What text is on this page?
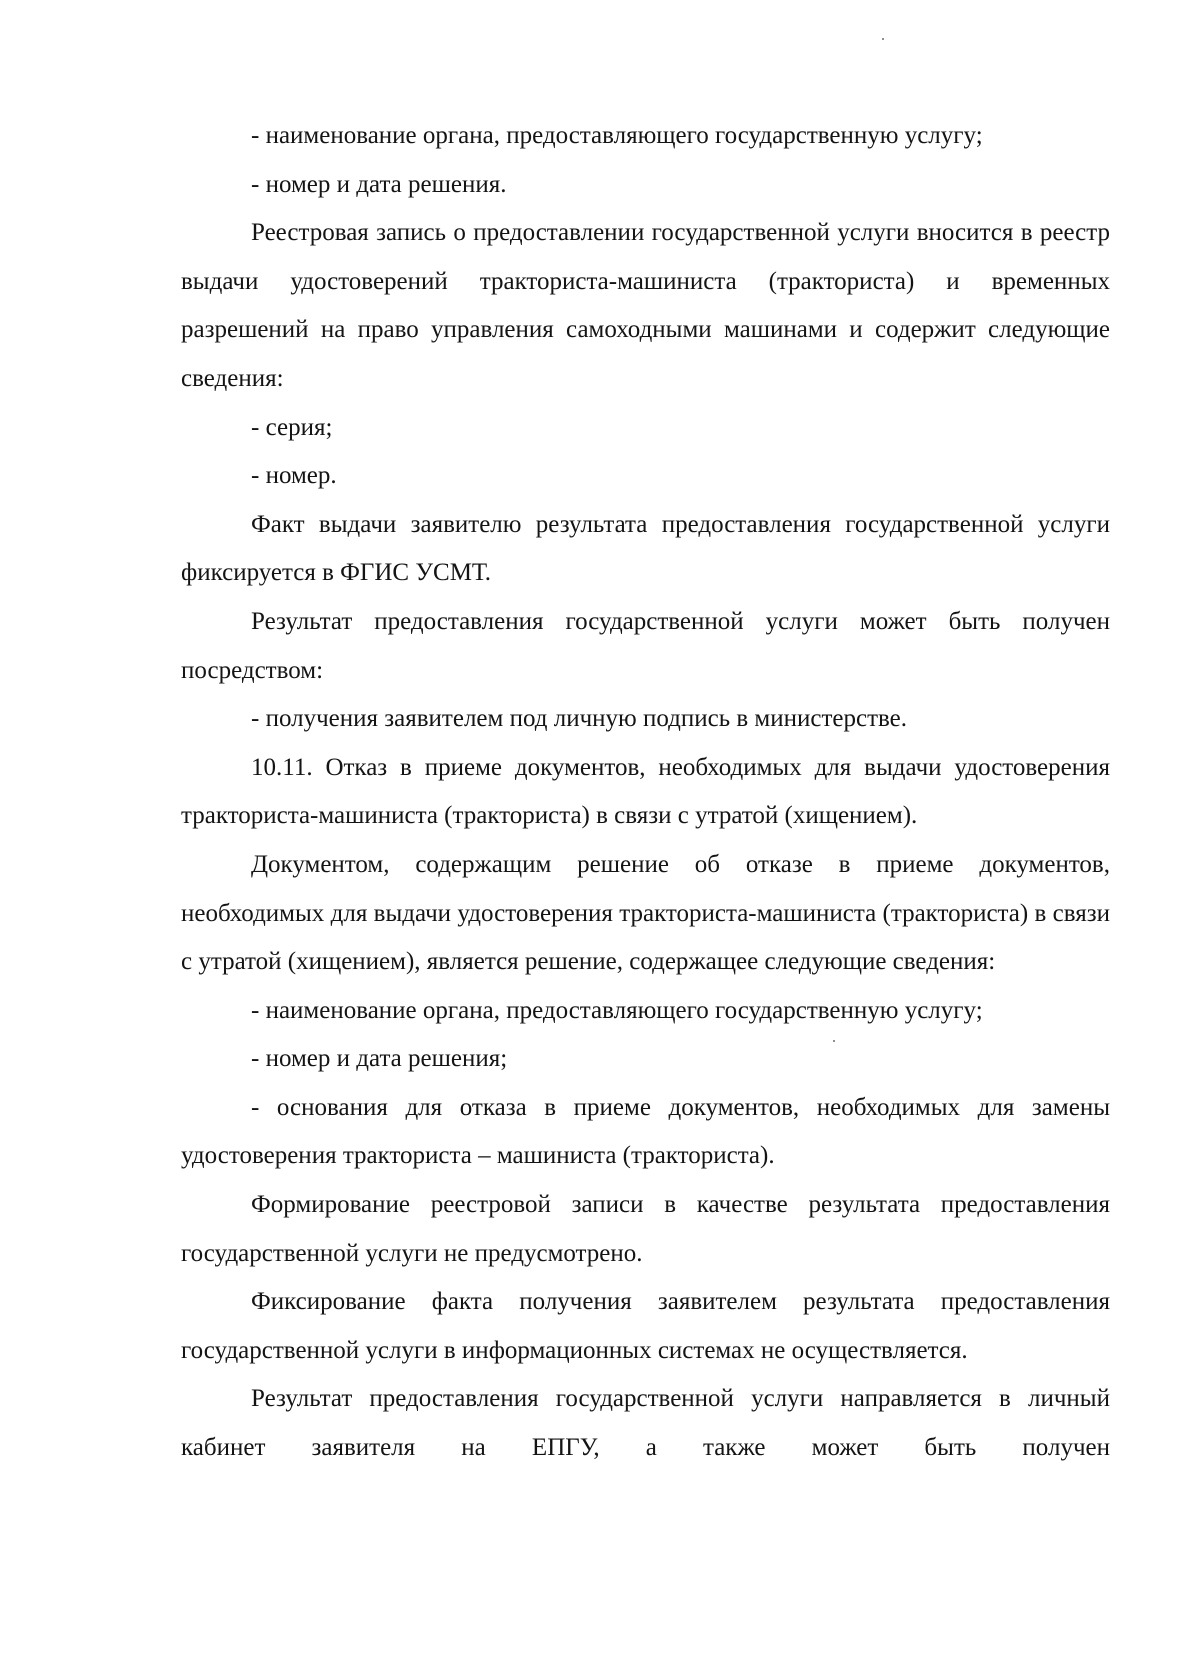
- наименование органа, предоставляющего государственную услугу;

- номер и дата решения.

Реестровая запись о предоставлении государственной услуги вносится в реестр выдачи удостоверений тракториста-машиниста (тракториста) и временных разрешений на право управления самоходными машинами и содержит следующие сведения:

- серия;

- номер.

Факт выдачи заявителю результата предоставления государственной услуги фиксируется в ФГИС УСМТ.

Результат предоставления государственной услуги может быть получен посредством:

- получения заявителем под личную подпись в министерстве.

10.11. Отказ в приеме документов, необходимых для выдачи удостоверения тракториста-машиниста (тракториста) в связи с утратой (хищением).

Документом, содержащим решение об отказе в приеме документов, необходимых для выдачи удостоверения тракториста-машиниста (тракториста) в связи с утратой (хищением), является решение, содержащее следующие сведения:

- наименование органа, предоставляющего государственную услугу;

- номер и дата решения;

- основания для отказа в приеме документов, необходимых для замены удостоверения тракториста – машиниста (тракториста).

Формирование реестровой записи в качестве результата предоставления государственной услуги не предусмотрено.

Фиксирование факта получения заявителем результата предоставления государственной услуги в информационных системах не осуществляется.

Результат предоставления государственной услуги направляется в личный кабинет заявителя на ЕПГУ, а также может быть получен
